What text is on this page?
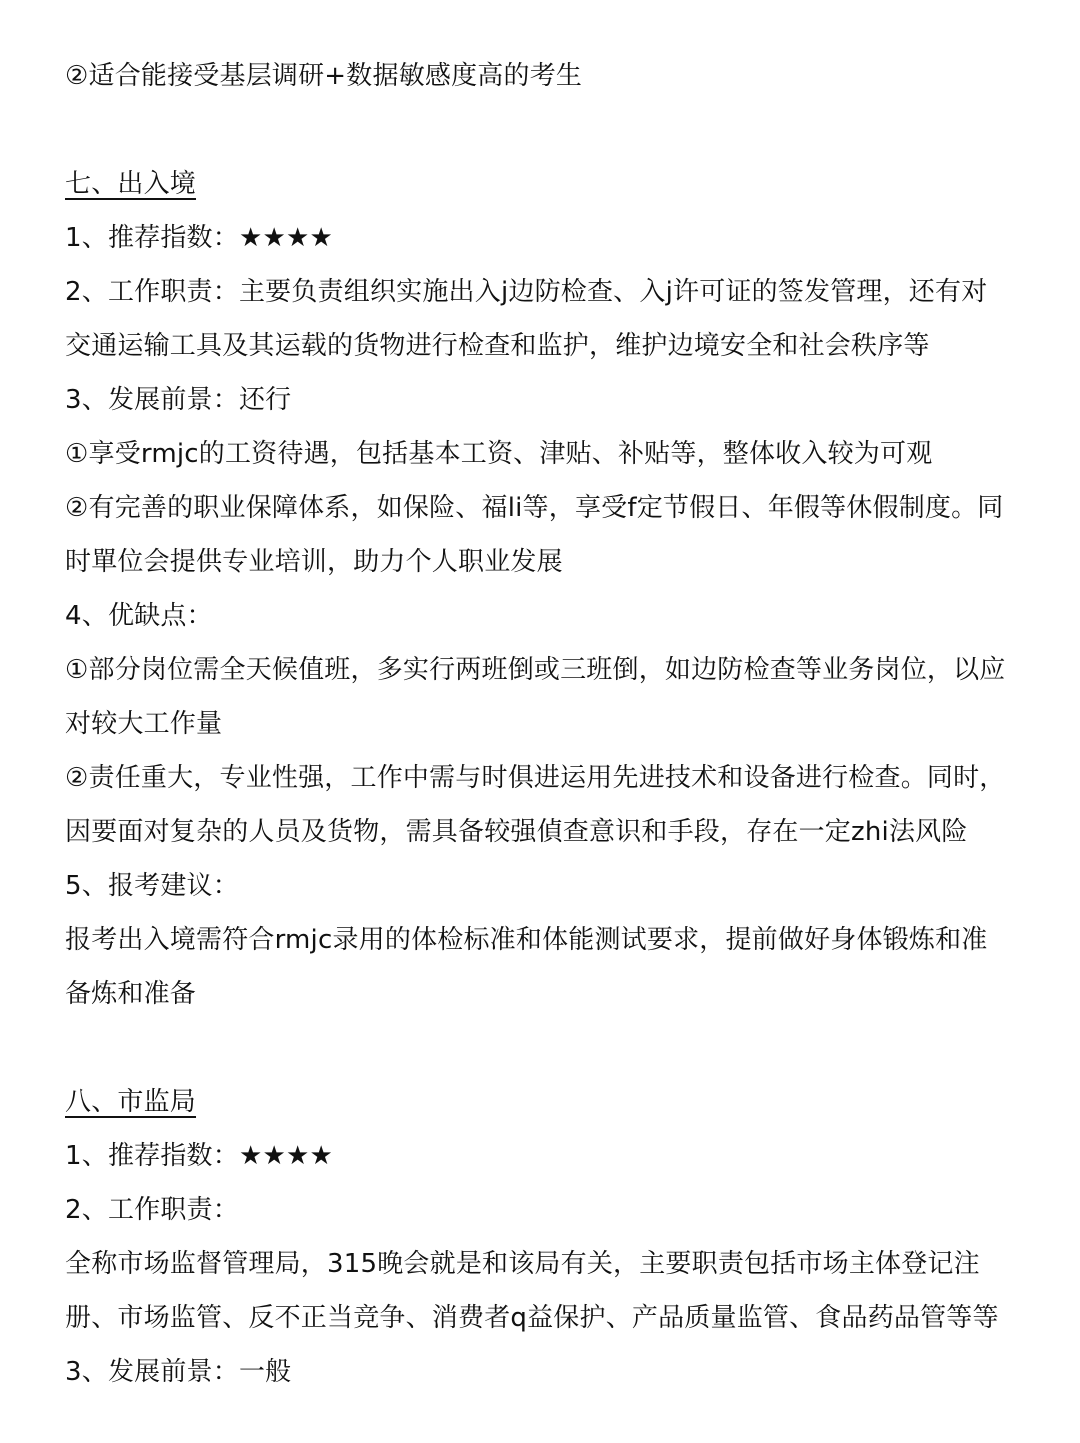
②适合能接受基层调研+数据敏感度高的考生
七、出入境
1、推荐指数：★★★★
2、工作职责：主要负责组织实施出入j边防检查、入j许可证的签发管理，还有对
交通运输工具及其运载的货物进行检查和监护，维护边境安全和社会秩序等
3、发展前景：还行
①享受rmjc的工资待遇，包括基本工资、津贴、补贴等，整体收入较为可观
②有完善的职业保障体系，如保险、福li等，享受f定节假日、年假等休假制度。同
时單位会提供专业培训，助力个人职业发展
4、优缺点：
①部分岗位需全天候值班，多实行两班倒或三班倒，如边防检查等业务岗位，以应
对较大工作量
②责任重大，专业性强，工作中需与时俱进运用先进技术和设备进行检查。同时，
因要面对复杂的人员及货物，需具备较强偵查意识和手段，存在一定zhi法风险
5、报考建议：
报考出入境需符合rmjc录用的体检标准和体能测试要求，提前做好身体锻炼和准
备炼和准备
八、市监局
1、推荐指数：★★★★
2、工作职责：
全称市场监督管理局，315晚会就是和该局有关，主要职责包括市场主体登记注
册、市场监管、反不正当竞争、消费者q益保护、产品质量监管、食品药品管等等
3、发展前景：一般
